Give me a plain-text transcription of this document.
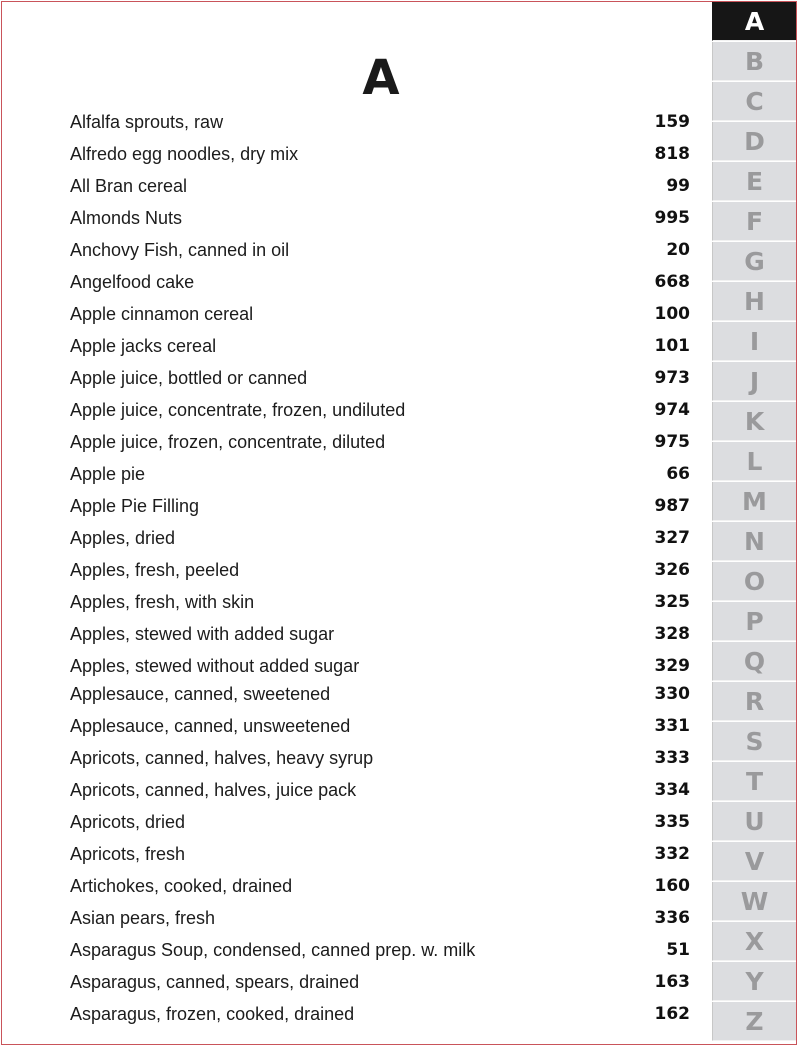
A
Alfalfa sprouts, raw	159
Alfredo egg noodles, dry mix	818
All Bran cereal	99
Almonds Nuts	995
Anchovy Fish, canned in oil	20
Angelfood cake	668
Apple cinnamon cereal	100
Apple jacks cereal	101
Apple juice, bottled or canned	973
Apple juice, concentrate, frozen, undiluted	974
Apple juice, frozen, concentrate, diluted	975
Apple pie	66
Apple Pie Filling	987
Apples, dried	327
Apples, fresh, peeled	326
Apples, fresh, with skin	325
Apples, stewed with added sugar	328
Apples, stewed without added sugar	329
Applesauce, canned, sweetened	330
Applesauce, canned, unsweetened	331
Apricots, canned, halves, heavy syrup	333
Apricots, canned, halves, juice pack	334
Apricots, dried	335
Apricots, fresh	332
Artichokes, cooked, drained	160
Asian pears, fresh	336
Asparagus Soup, condensed, canned prep. w. milk	51
Asparagus, canned, spears, drained	163
Asparagus, frozen, cooked, drained	162
A
B
C
D
E
F
G
H
I
J
K
L
M
N
O
P
Q
R
S
T
U
V
W
X
Y
Z
